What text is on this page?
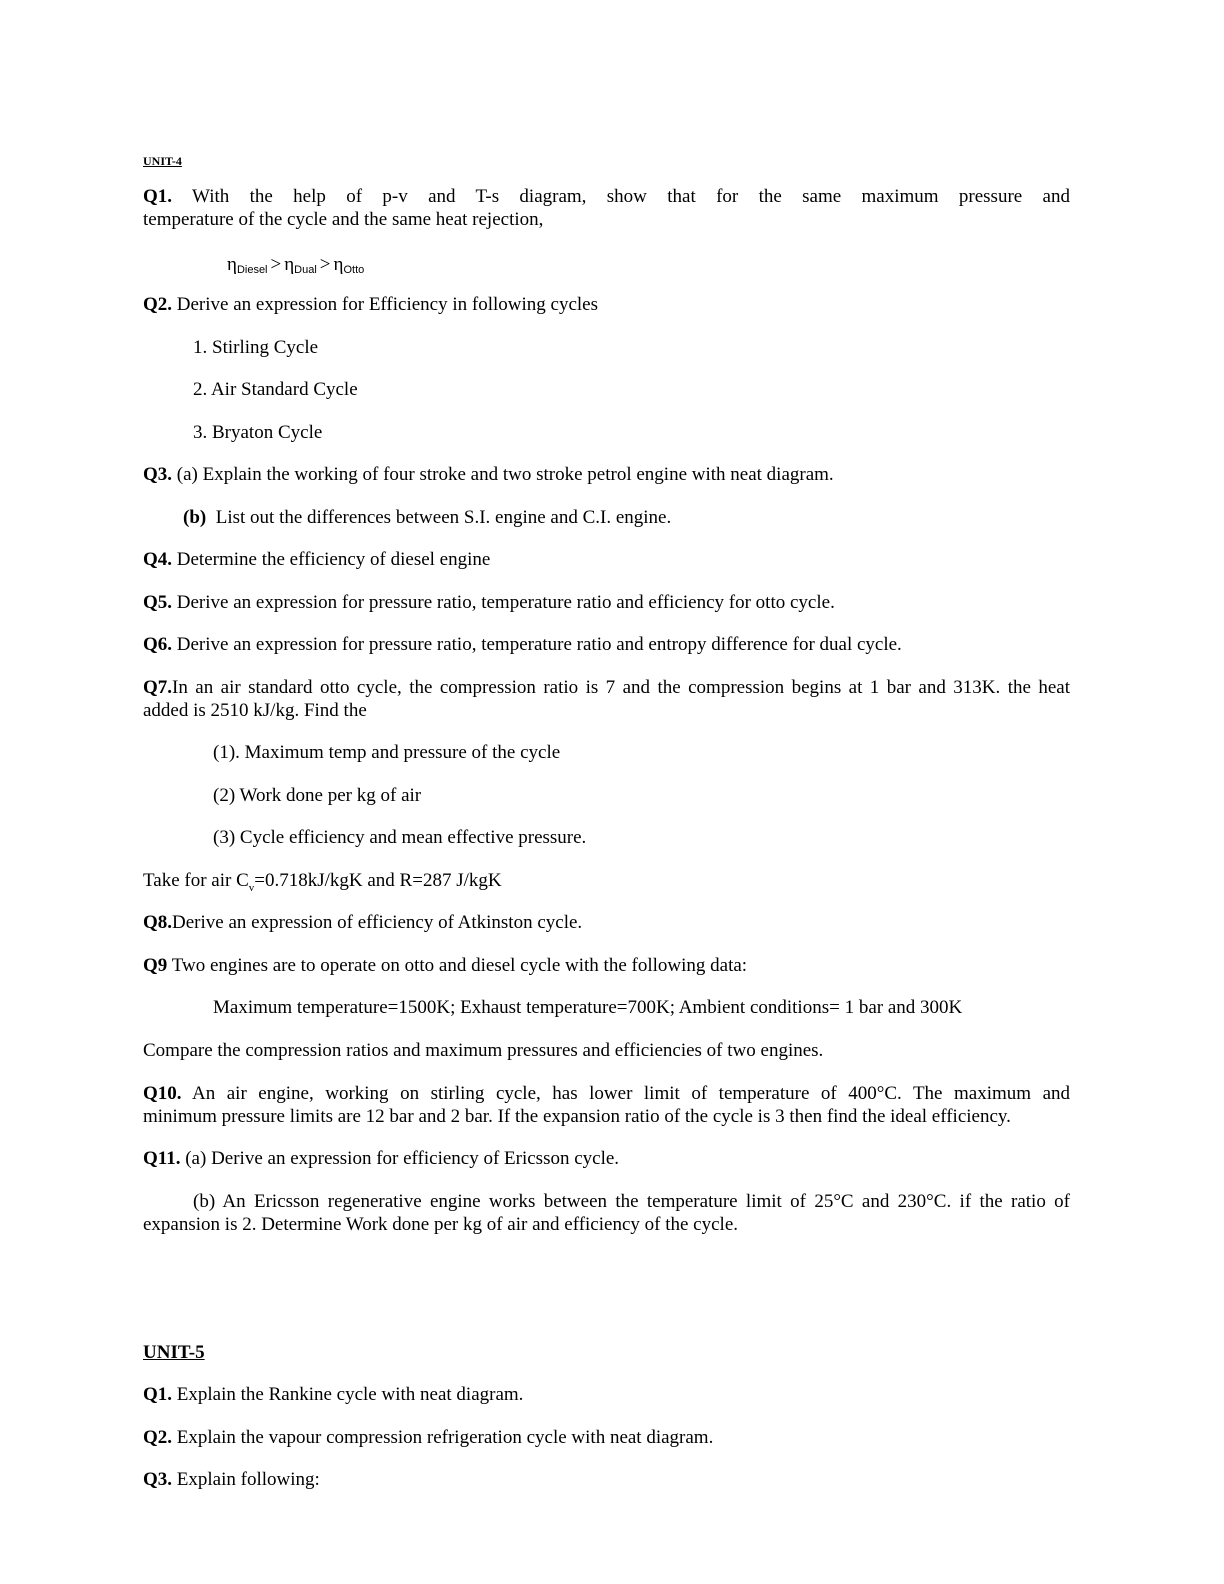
UNIT-4
Q1. With the help of p-v and T-s diagram, show that for the same maximum pressure and
temperature of the cycle and the same heat rejection,
ηDiesel > ηDual > ηOtto
Q2. Derive an expression for Efficiency in following cycles
1. Stirling Cycle
2. Air Standard Cycle
3. Bryaton Cycle
Q3. (a) Explain the working of four stroke and two stroke petrol engine with neat diagram.
(b) List out the differences between S.I. engine and C.I. engine.
Q4. Determine the efficiency of diesel engine
Q5. Derive an expression for pressure ratio, temperature ratio and efficiency for otto cycle.
Q6. Derive an expression for pressure ratio, temperature ratio and entropy difference for dual cycle.
Q7.In an air standard otto cycle, the compression ratio is 7 and the compression begins at 1 bar and 313K. the heat
added is 2510 kJ/kg. Find the
(1). Maximum temp and pressure of the cycle
(2) Work done per kg of air
(3) Cycle efficiency and mean effective pressure.
Take for air $C_v=0.718kJ$/kgK and R=287 J/kgK
Q8.Derive an expression of efficiency of Atkinston cycle.
Q9 Two engines are to operate on otto and diesel cycle with the following data:
Maximum temperature=1500K; Exhaust temperature=700K; Ambient conditions= 1 bar and 300K
Compare the compression ratios and maximum pressures and efficiencies of two engines.
Q10. An air engine, working on stirling cycle, has lower limit of temperature of 400°C. The maximum and
minimum pressure limits are 12 bar and 2 bar. If the expansion ratio of the cycle is 3 then find the ideal efficiency.
Q11. (a) Derive an expression for efficiency of Ericsson cycle.
(b) An Ericsson regenerative engine works between the temperature limit of 25°C and 230°C. if the ratio of
expansion is 2. Determine Work done per kg of air and efficiency of the cycle.
UNIT-5
Q1. Explain the Rankine cycle with neat diagram.
Q2. Explain the vapour compression refrigeration cycle with neat diagram.
Q3. Explain following:
